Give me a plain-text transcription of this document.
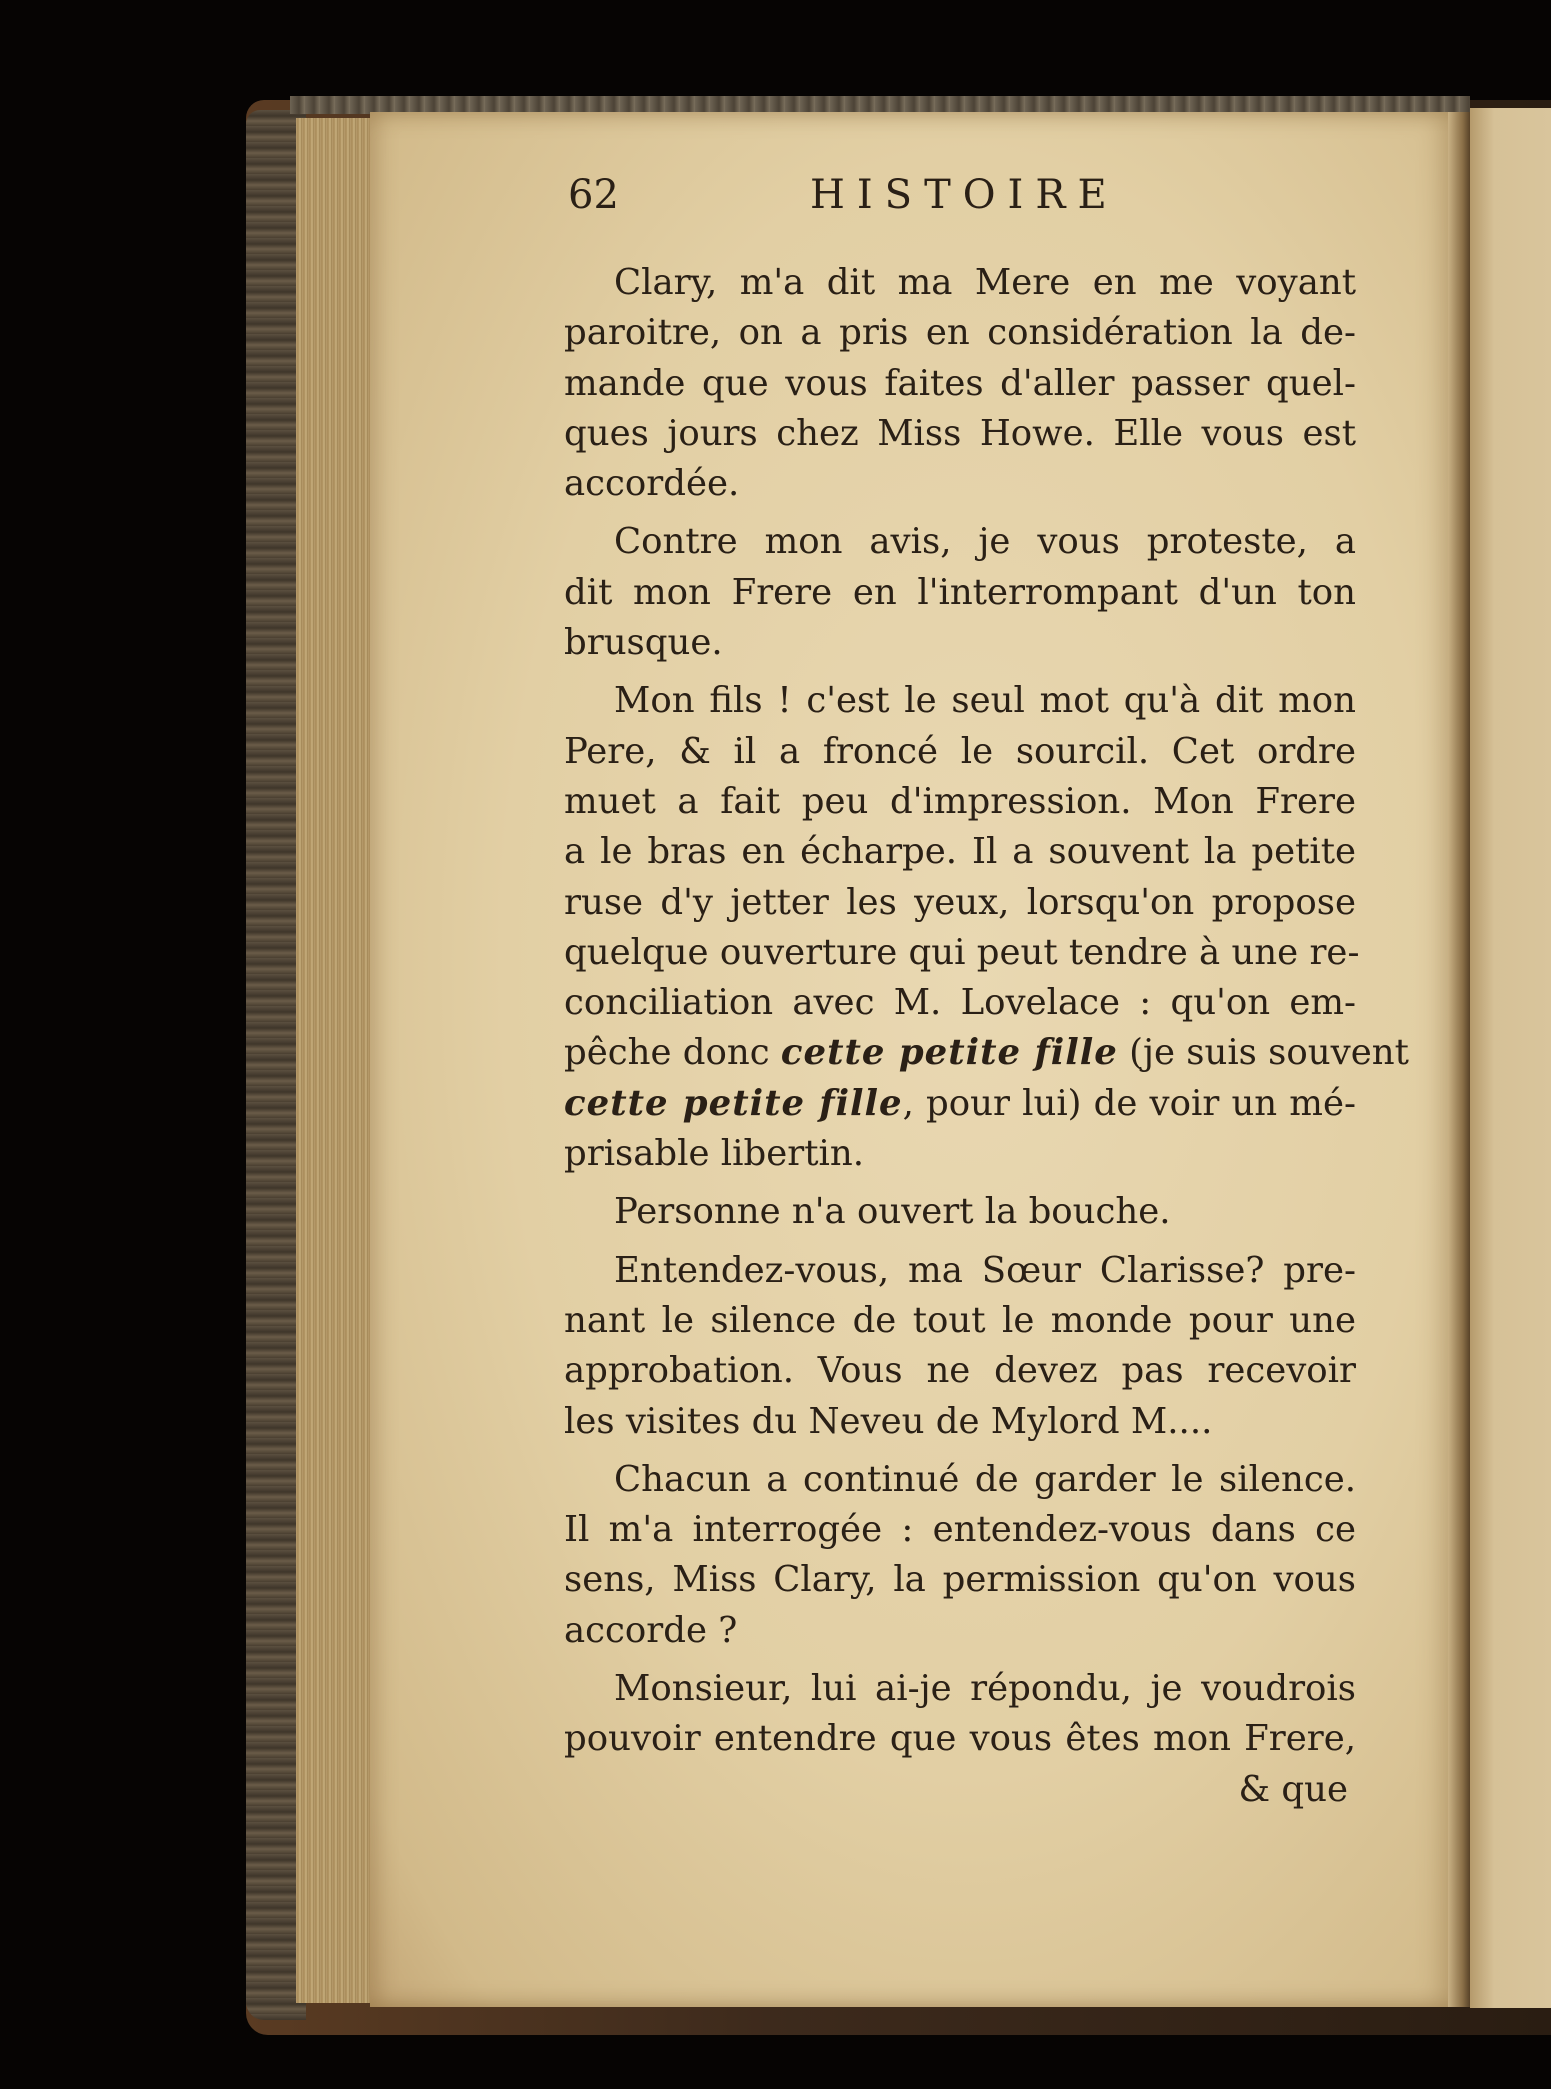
62	HISTOIRE
Clary, m'a dit ma Mere en me voyant
paroitre, on a pris en considération la de-
mande que vous faites d'aller passer quel-
ques jours chez Miss Howe. Elle vous est
accordée.
Contre mon avis, je vous proteste, a
dit mon Frere en l'interrompant d'un ton
brusque.
Mon fils ! c'est le seul mot qu'à dit mon
Pere, & il a froncé le sourcil. Cet ordre
muet a fait peu d'impression. Mon Frere
a le bras en écharpe. Il a souvent la petite
ruse d'y jetter les yeux, lorsqu'on propose
quelque ouverture qui peut tendre à une re-
conciliation avec M. Lovelace : qu'on em-
pêche donc cette petite fille (je suis souvent
cette petite fille, pour lui) de voir un mé-
prisable libertin.
Personne n'a ouvert la bouche.
Entendez-vous, ma Sœur Clarisse? pre-
nant le silence de tout le monde pour une
approbation. Vous ne devez pas recevoir
les visites du Neveu de Mylord M....
Chacun a continué de garder le silence.
Il m'a interrogée : entendez-vous dans ce
sens, Miss Clary, la permission qu'on vous
accorde ?
Monsieur, lui ai-je répondu, je voudrois
pouvoir entendre que vous êtes mon Frere,
& que
